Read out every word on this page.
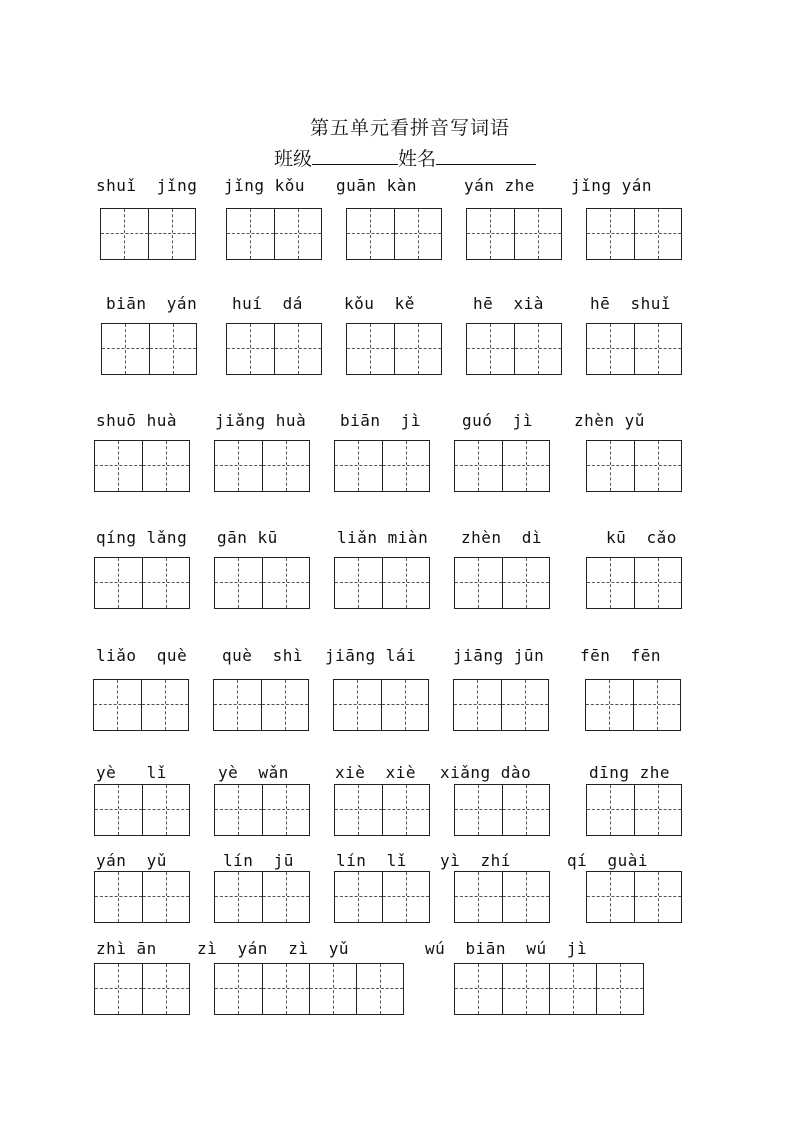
第五单元看拼音写词语
班级	姓名
shuǐ  jǐng jǐng kǒu guān kàn	yán zhe jǐng yán
biān  yán huí  dá	kǒu  kě	hē  xià	hē  shuǐ
shuō huà jiǎng huà biān  jì	guó  jì	zhèn yǔ
qíng lǎng gān kū	liǎn miàn zhèn  dì	kū  cǎo
liǎo  què què  shì jiāng lái jiāng jūn fēn  fēn
yè   lǐ	yè  wǎn	xiè  xiè xiǎng dào	dīng zhe
yán  yǔ	lín  jū	lín  lǐ yì  zhí	qí  guài
zhì ān	zì  yán  zì  yǔ	wú  biān  wú  jì
